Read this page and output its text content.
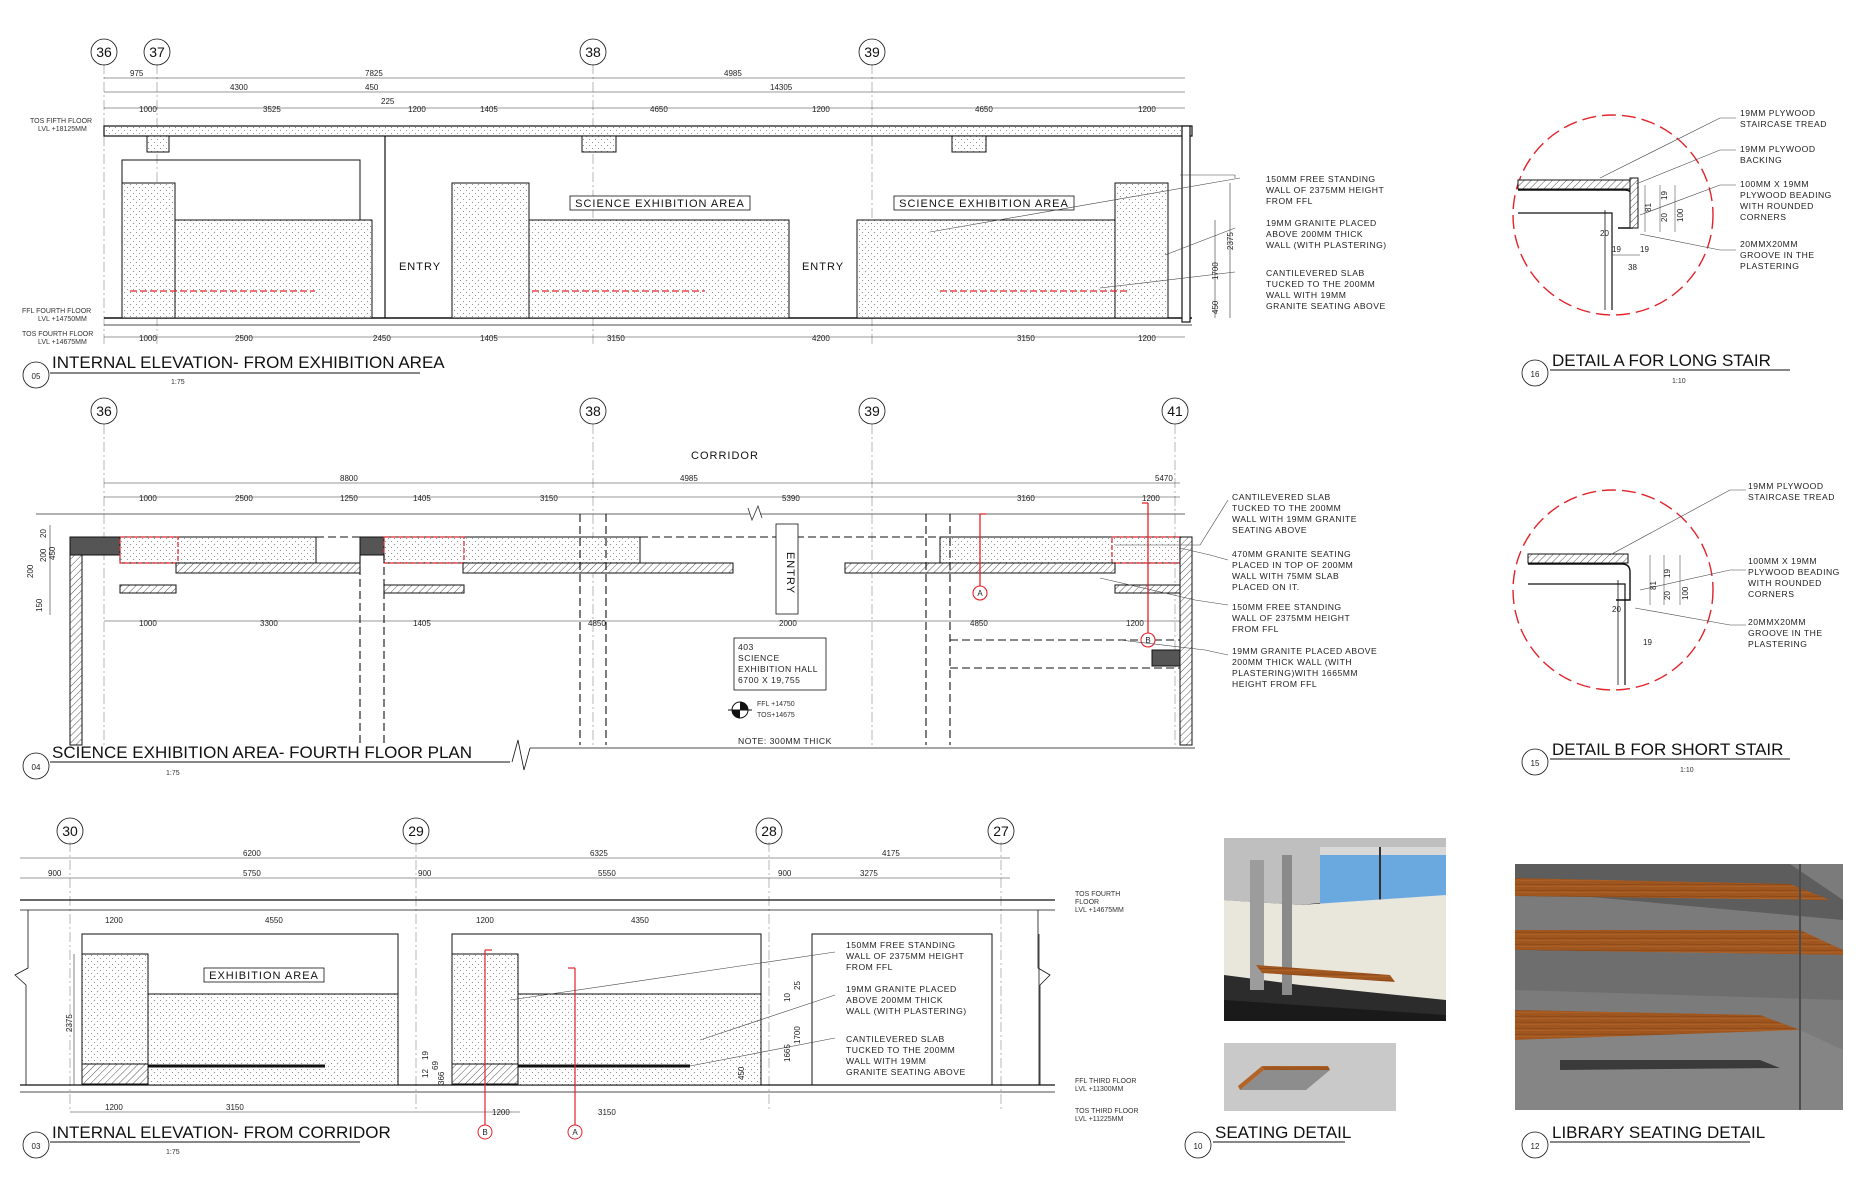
36	37	38	39
975	7825	4985
4300	450	14305
1000	3525
225
1200	1405	4650	1200	4650	1200
1000	2500	2450	1405	3150	4200	3150	1200
SCIENCE EXHIBITION AREA	SCIENCE EXHIBITION AREA
ENTRY	ENTRY
TOS FIFTH FLOOR
LVL +18125MM
FFL FOURTH FLOOR
LVL +14750MM
TOS FOURTH FLOOR
LVL +14675MM
2375
1700
450
150MM FREE STANDING
WALL OF 2375MM HEIGHT
FROM FFL
19MM GRANITE PLACED
ABOVE 200MM THICK
WALL (WITH PLASTERING)
CANTILEVERED SLAB
TUCKED TO THE 200MM
WALL WITH 19MM
GRANITE SEATING ABOVE
05
INTERNAL ELEVATION- FROM EXHIBITION AREA
1:75
36	38	39	41
CORRIDOR
8800	4985	5470
1000	2500	1250	1405	3150	5390	3160	1200
1000	3300	1405	4850	2000	4850	1200
A
B
ENTRY
403
SCIENCE
EXHIBITION HALL
6700 X 19,755
FFL +14750
TOS+14675
NOTE: 300MM THICK
20
450
200
200
150
CANTILEVERED SLAB
TUCKED TO THE 200MM
WALL WITH 19MM GRANITE
SEATING ABOVE
470MM GRANITE SEATING
PLACED IN TOP OF 200MM
WALL WITH 75MM SLAB
PLACED ON IT.
150MM FREE STANDING
WALL OF 2375MM HEIGHT
FROM FFL
19MM GRANITE PLACED ABOVE
200MM THICK WALL (WITH
PLASTERING)WITH 1665MM
HEIGHT FROM FFL
04
SCIENCE EXHIBITION AREA- FOURTH FLOOR PLAN
1:75
30	29	28	27
6200	6325	4175
900	5750	900	5550	900	3275
1200	4550	1200	4350
1200	3150
1200	3150
EXHIBITION AREA
B	A
2375
19
69
12 366
10
25
1700
1665
450
150MM FREE STANDING
WALL OF 2375MM HEIGHT
FROM FFL
19MM GRANITE PLACED
ABOVE 200MM THICK
WALL (WITH PLASTERING)
CANTILEVERED SLAB
TUCKED TO THE 200MM
WALL WITH 19MM
GRANITE SEATING ABOVE
TOS FOURTH
FLOOR
LVL +14675MM
FFL THIRD FLOOR
LVL +11300MM
TOS THIRD FLOOR
LVL +11225MM
03
INTERNAL ELEVATION- FROM CORRIDOR
1:75
81
20
19
100
20
19 19
38
19MM PLYWOOD
STAIRCASE TREAD
19MM PLYWOOD
BACKING
100MM X 19MM
PLYWOOD BEADING
WITH ROUNDED
CORNERS
20MMX20MM
GROOVE IN THE
PLASTERING
16
DETAIL A FOR LONG STAIR
1:10
81
20
19
100
20
19
19MM PLYWOOD
STAIRCASE TREAD
100MM X 19MM
PLYWOOD BEADING
WITH ROUNDED
CORNERS
20MMX20MM
GROOVE IN THE
PLASTERING
15
DETAIL B FOR SHORT STAIR
1:10
10
SEATING DETAIL
12
LIBRARY SEATING DETAIL
